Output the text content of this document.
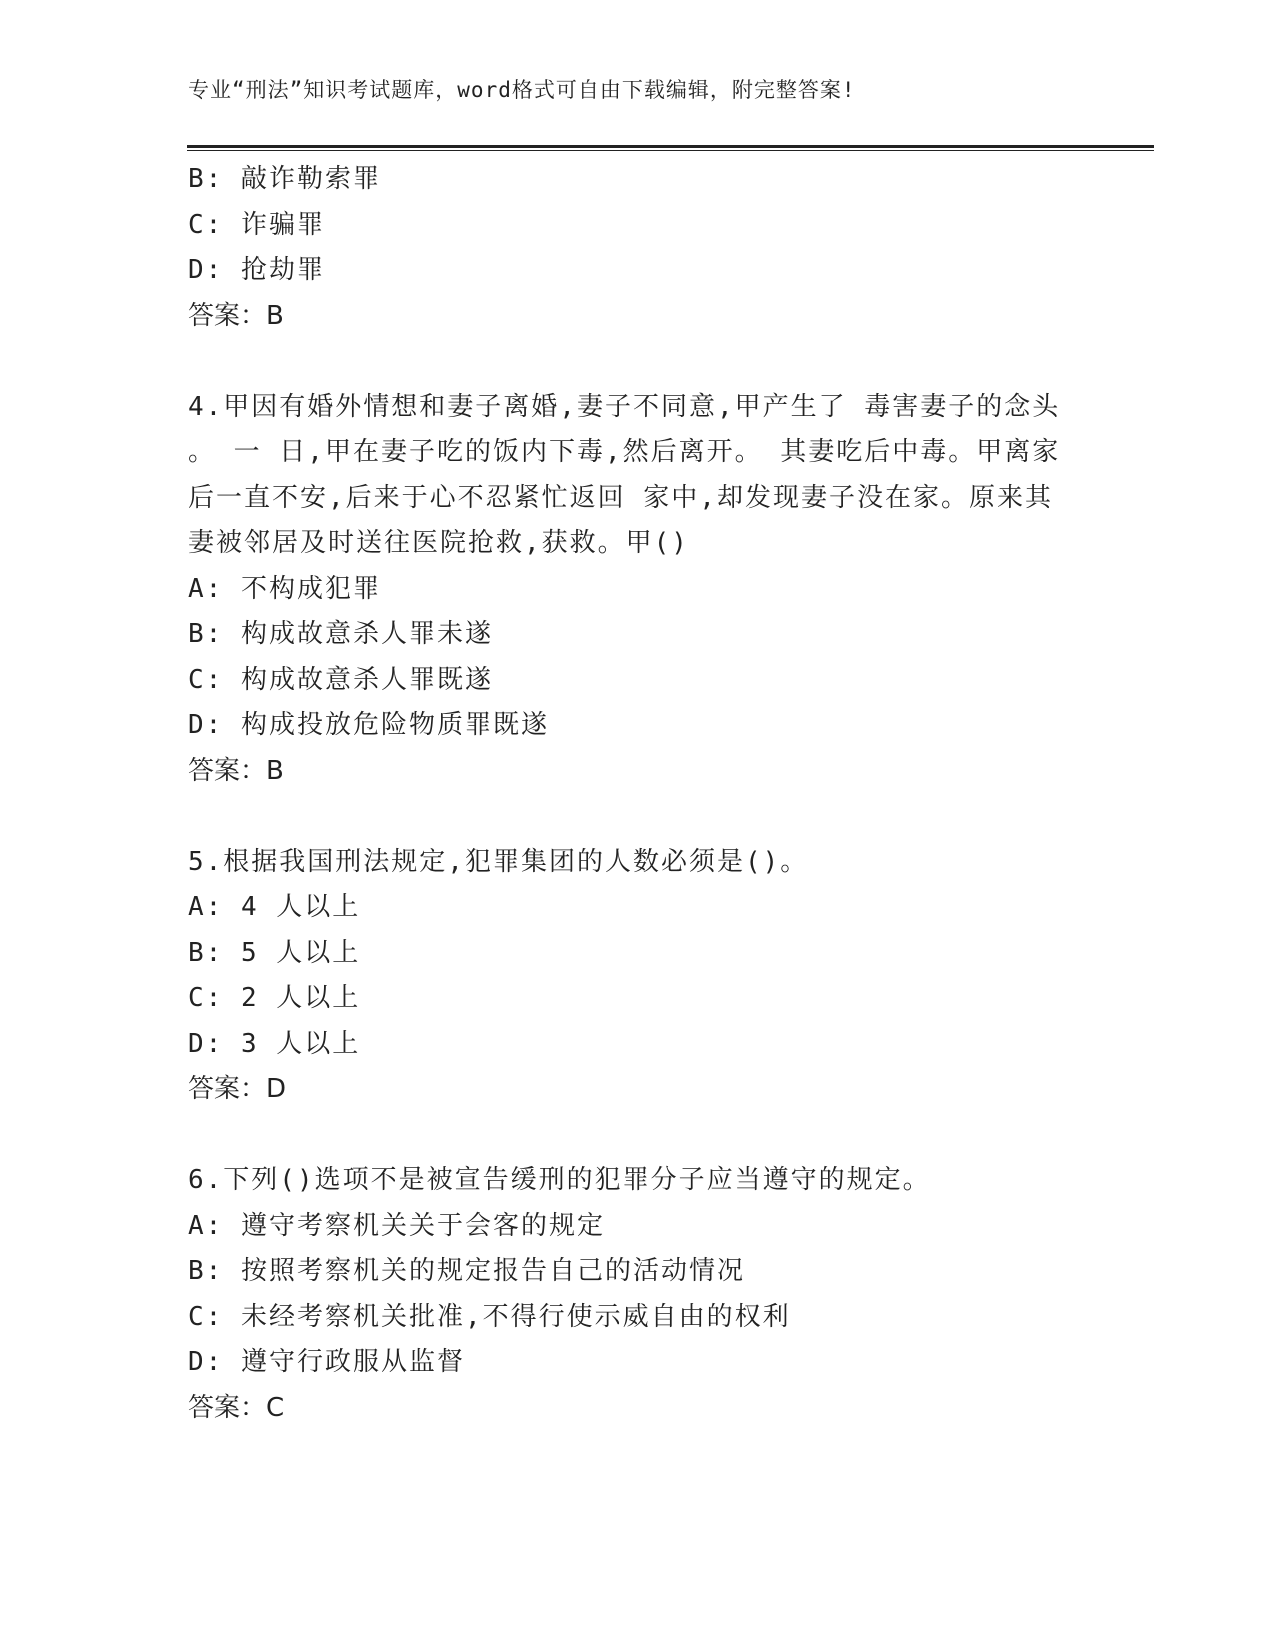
专业“刑法”知识考试题库，word格式可自由下载编辑，附完整答案!
B: 敲诈勒索罪
C: 诈骗罪
D: 抢劫罪
答案：B
4.甲因有婚外情想和妻子离婚,妻子不同意,甲产生了 毒害妻子的念头
。 一 日,甲在妻子吃的饭内下毒,然后离开。 其妻吃后中毒。甲离家
后一直不安,后来于心不忍紧忙返回 家中,却发现妻子没在家。原来其
妻被邻居及时送往医院抢救,获救。甲()
A: 不构成犯罪
B: 构成故意杀人罪未遂
C: 构成故意杀人罪既遂
D: 构成投放危险物质罪既遂
答案：B
5.根据我国刑法规定,犯罪集团的人数必须是()。
A: 4 人以上
B: 5 人以上
C: 2 人以上
D: 3 人以上
答案：D
6.下列()选项不是被宣告缓刑的犯罪分子应当遵守的规定。
A: 遵守考察机关关于会客的规定
B: 按照考察机关的规定报告自己的活动情况
C: 未经考察机关批准,不得行使示威自由的权利
D: 遵守行政服从监督
答案：C
